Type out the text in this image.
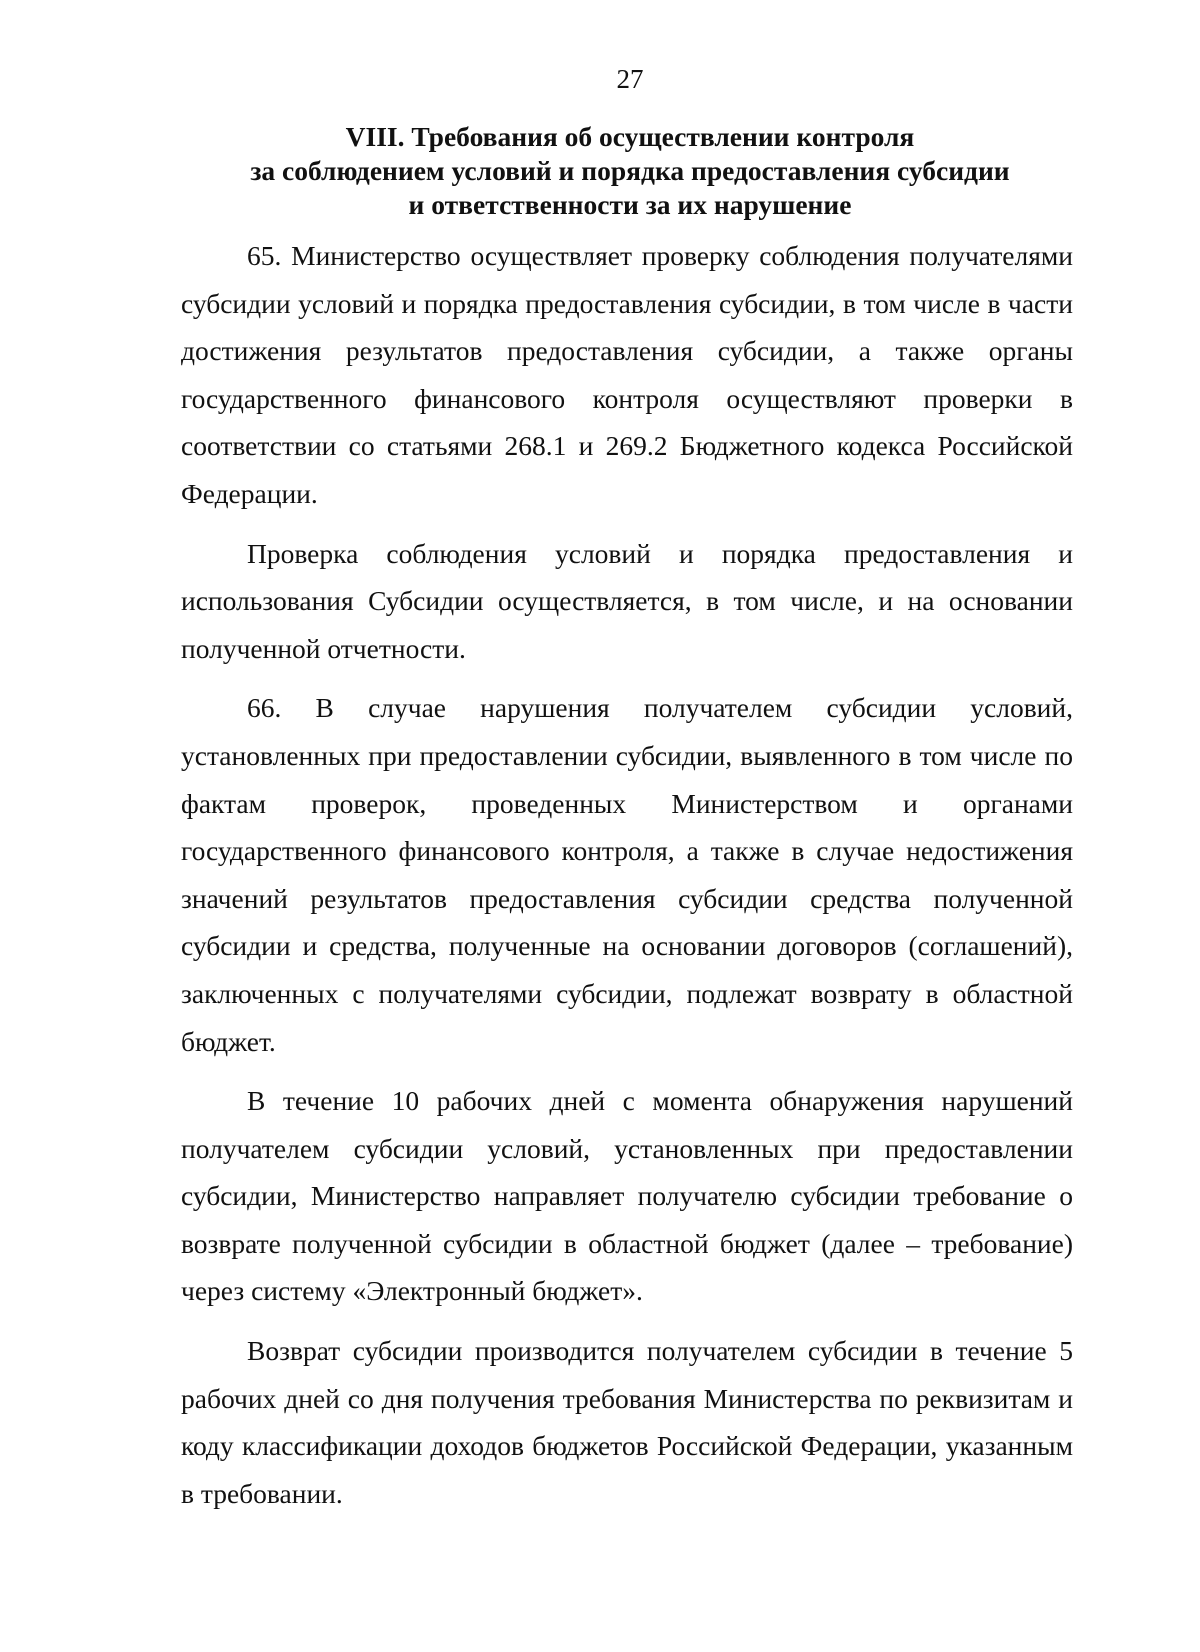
27
VIII. Требования об осуществлении контроля
за соблюдением условий и порядка предоставления субсидии
и ответственности за их нарушение

65. Министерство осуществляет проверку соблюдения получателями субсидии условий и порядка предоставления субсидии, в том числе в части достижения результатов предоставления субсидии, а также органы государственного финансового контроля осуществляют проверки в соответствии со статьями 268.1 и 269.2 Бюджетного кодекса Российской Федерации.

Проверка соблюдения условий и порядка предоставления и использования Субсидии осуществляется, в том числе, и на основании полученной отчетности.

66. В случае нарушения получателем субсидии условий, установленных при предоставлении субсидии, выявленного в том числе по фактам проверок, проведенных Министерством и органами государственного финансового контроля, а также в случае недостижения значений результатов предоставления субсидии средства полученной субсидии и средства, полученные на основании договоров (соглашений), заключенных с получателями субсидии, подлежат возврату в областной бюджет.

В течение 10 рабочих дней с момента обнаружения нарушений получателем субсидии условий, установленных при предоставлении субсидии, Министерство направляет получателю субсидии требование о возврате полученной субсидии в областной бюджет (далее – требование) через систему «Электронный бюджет».

Возврат субсидии производится получателем субсидии в течение 5 рабочих дней со дня получения требования Министерства по реквизитам и коду классификации доходов бюджетов Российской Федерации, указанным в требовании.
